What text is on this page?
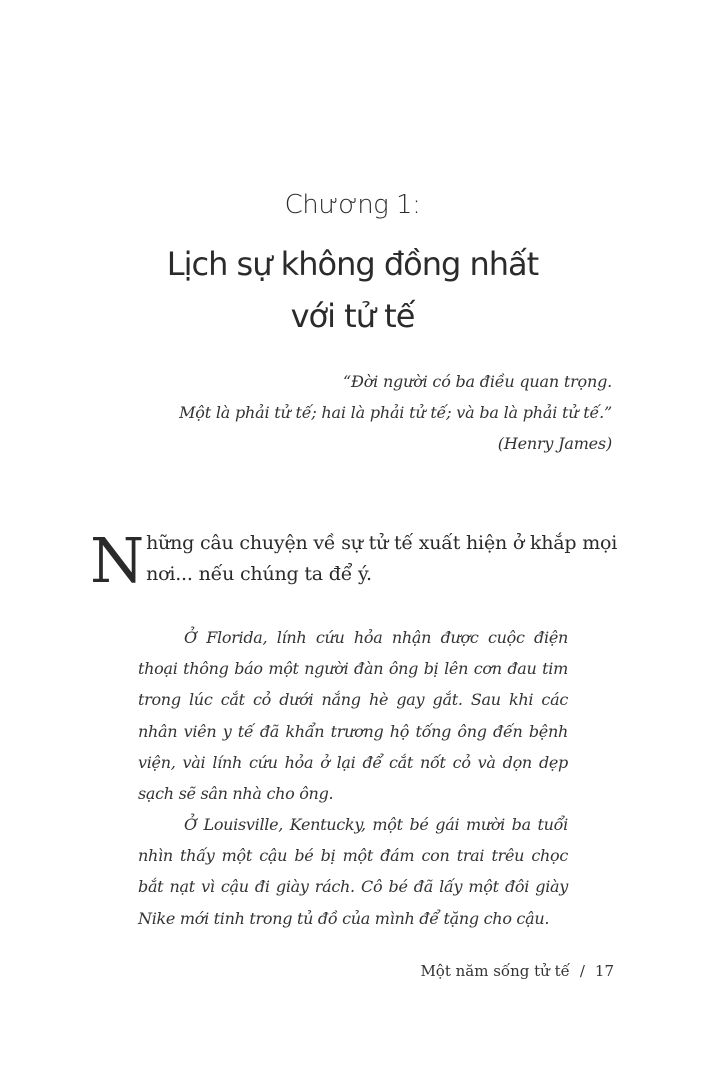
Chương 1:
Lịch sự không đồng nhất
với tử tế
“Đời người có ba điều quan trọng.
Một là phải tử tế; hai là phải tử tế; và ba là phải tử tế.”
(Henry James)
Những câu chuyện về sự tử tế xuất hiện ở khắp mọi nơi... nếu chúng ta để ý.

Ở Florida, lính cứu hỏa nhận được cuộc điện thoại thông báo một người đàn ông bị lên cơn đau tim trong lúc cắt cỏ dưới nắng hè gay gắt. Sau khi các nhân viên y tế đã khẩn trương hộ tống ông đến bệnh viện, vài lính cứu hỏa ở lại để cắt nốt cỏ và dọn dẹp sạch sẽ sân nhà cho ông.

Ở Louisville, Kentucky, một bé gái mười ba tuổi nhìn thấy một cậu bé bị một đám con trai trêu chọc bắt nạt vì cậu đi giày rách. Cô bé đã lấy một đôi giày Nike mới tinh trong tủ đồ của mình để tặng cho cậu.

Một năm sống tử tế / 17
